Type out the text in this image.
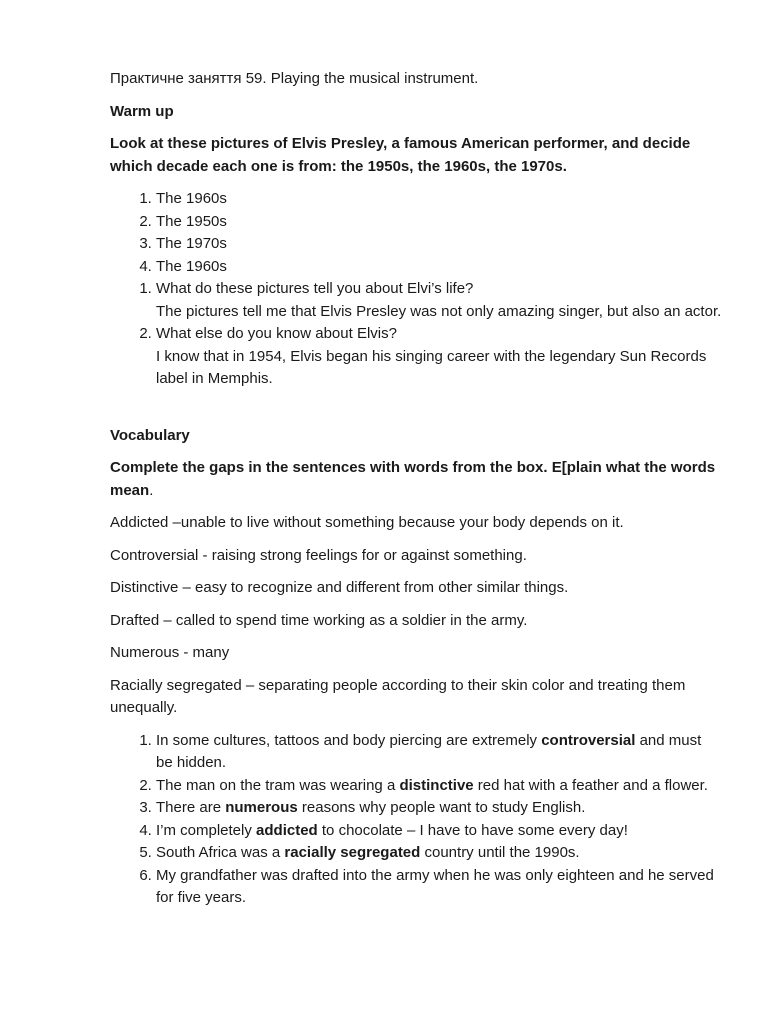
Практичне заняття 59. Playing the musical instrument.

Warm up

Look at these pictures of Elvis Presley, a famous American performer, and decide which decade each one is from: the 1950s, the 1960s, the 1970s.

1. The 1960s
2. The 1950s
3. The 1970s
4. The 1960s
1. What do these pictures tell you about Elvi’s life?
The pictures tell me that Elvis Presley was not only amazing singer, but also an actor.
2. What else do you know about Elvis?
I know that in 1954, Elvis began his singing career with the legendary Sun Records label in Memphis.

Vocabulary

Complete the gaps in the sentences with words from the box. E[plain what the words mean.

Addicted –unable to live without something because your body depends on it.

Controversial - raising strong feelings for or against something.

Distinctive – easy to recognize and different from other similar things.

Drafted – called to spend time working as a soldier in the army.

Numerous - many

Racially segregated – separating people according to their skin color and treating them unequally.

1. In some cultures, tattoos and body piercing are extremely controversial and must be hidden.
2. The man on the tram was wearing a distinctive red hat with a feather and a flower.
3. There are numerous reasons why people want to study English.
4. I’m completely addicted to chocolate – I have to have some every day!
5. South Africa was a racially segregated country until the 1990s.
6. My grandfather was drafted into the army when he was only eighteen and he served for five years.
